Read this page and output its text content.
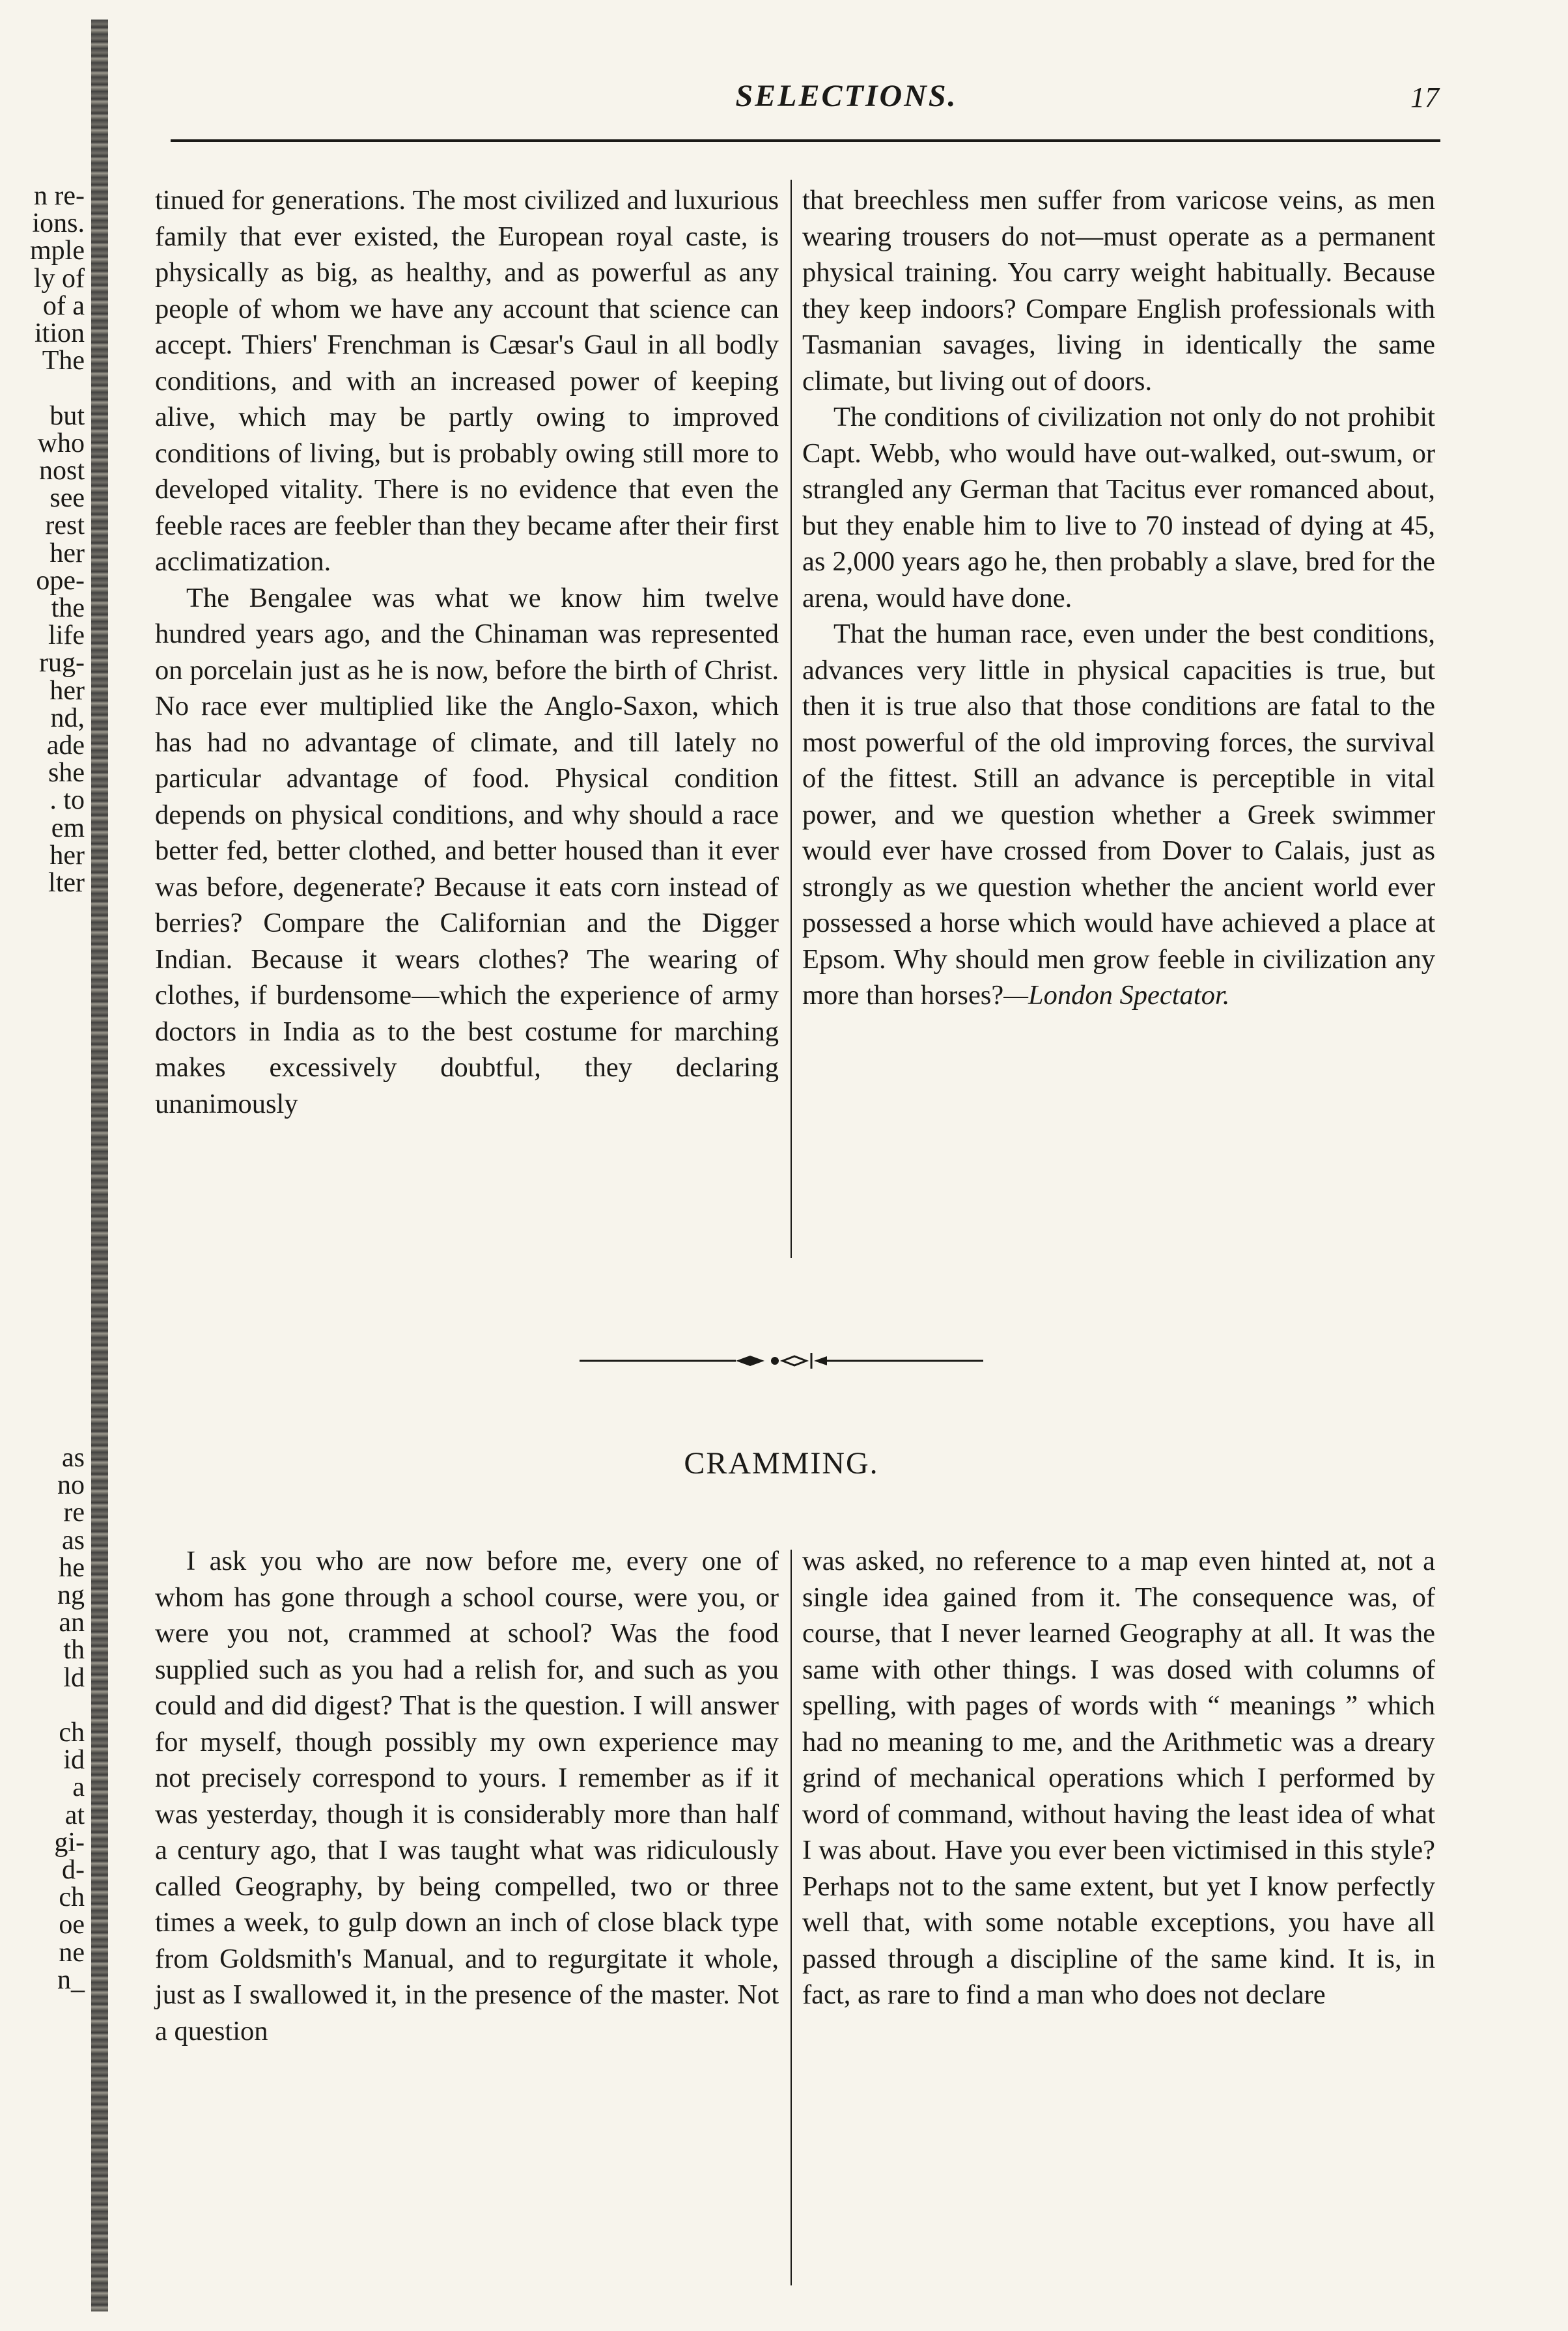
n re-
ions.
mple
ly of
of a
ition
The
but
who
nost
see
rest
her
ope-
the
life
rug-
her
nd,
ade
she
. to
em
her
lter
as
no
re
as
he
ng
an
th
ld
ch
id
a
at
gi-
d-
ch
oe
ne
n_
SELECTIONS.	17

tinued for generations. The most civilized and luxurious family that ever existed, the European royal caste, is physically as big, as healthy, and as powerful as any people of whom we have any account that science can accept. Thiers' Frenchman is Cæsar's Gaul in all bodly conditions, and with an increased power of keeping alive, which may be partly owing to improved conditions of living, but is probably owing still more to developed vitality. There is no evidence that even the feeble races are feebler than they became after their first acclimatization.

The Bengalee was what we know him twelve hundred years ago, and the Chinaman was represented on porcelain just as he is now, before the birth of Christ. No race ever multiplied like the Anglo-Saxon, which has had no advantage of climate, and till lately no particular advantage of food. Physical condition depends on physical conditions, and why should a race better fed, better clothed, and better housed than it ever was before, degenerate? Because it eats corn instead of berries? Compare the Californian and the Digger Indian. Because it wears clothes? The wearing of clothes, if burdensome—which the experience of army doctors in India as to the best costume for marching makes excessively doubtful, they declaring unanimously

that breechless men suffer from varicose veins, as men wearing trousers do not—must operate as a permanent physical training. You carry weight habitually. Because they keep indoors? Compare English professionals with Tasmanian savages, living in identically the same climate, but living out of doors.

The conditions of civilization not only do not prohibit Capt. Webb, who would have out-walked, out-swum, or strangled any German that Tacitus ever romanced about, but they enable him to live to 70 instead of dying at 45, as 2,000 years ago he, then probably a slave, bred for the arena, would have done.

That the human race, even under the best conditions, advances very little in physical capacities is true, but then it is true also that those conditions are fatal to the most powerful of the old improving forces, the survival of the fittest. Still an advance is perceptible in vital power, and we question whether a Greek swimmer would ever have crossed from Dover to Calais, just as strongly as we question whether the ancient world ever possessed a horse which would have achieved a place at Epsom. Why should men grow feeble in civilization any more than horses?—London Spectator.

CRAMMING.

I ask you who are now before me, every one of whom has gone through a school course, were you, or were you not, crammed at school? Was the food supplied such as you had a relish for, and such as you could and did digest? That is the question. I will answer for myself, though possibly my own experience may not precisely correspond to yours. I remember as if it was yesterday, though it is considerably more than half a century ago, that I was taught what was ridiculously called Geography, by being compelled, two or three times a week, to gulp down an inch of close black type from Goldsmith's Manual, and to regurgitate it whole, just as I swallowed it, in the presence of the master. Not a question

was asked, no reference to a map even hinted at, not a single idea gained from it. The consequence was, of course, that I never learned Geography at all. It was the same with other things. I was dosed with columns of spelling, with pages of words with “ meanings ” which had no meaning to me, and the Arithmetic was a dreary grind of mechanical operations which I performed by word of command, without having the least idea of what I was about. Have you ever been victimised in this style? Perhaps not to the same extent, but yet I know perfectly well that, with some notable exceptions, you have all passed through a discipline of the same kind. It is, in fact, as rare to find a man who does not declare
